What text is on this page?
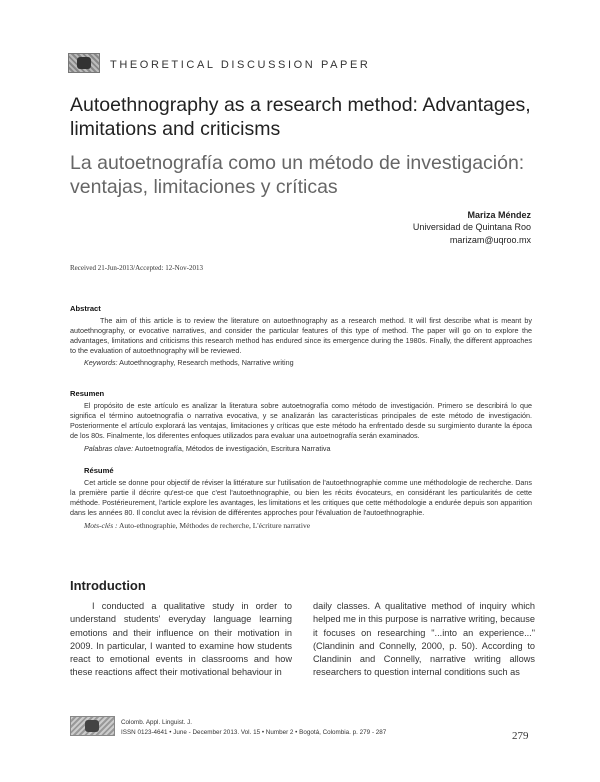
THEORETICAL DISCUSSION PAPER
Autoethnography as a research method: Advantages, limitations and criticisms
La autoetnografía como un método de investigación: ventajas, limitaciones y críticas
Mariza Méndez
Universidad de Quintana Roo
marizam@uqroo.mx
Received 21-Jun-2013/Accepted: 12-Nov-2013
Abstract
The aim of this article is to review the literature on autoethnography as a research method. It will first describe what is meant by autoethnography, or evocative narratives, and consider the particular features of this type of method. The paper will go on to explore the advantages, limitations and criticisms this research method has endured since its emergence during the 1980s. Finally, the different approaches to the evaluation of autoethnography will be reviewed.
Keywords: Autoethnography, Research methods, Narrative writing
Resumen
El propósito de este artículo es analizar la literatura sobre autoetnografía como método de investigación. Primero se describirá lo que significa el término autoetnografía o narrativa evocativa, y se analizarán las características principales de este método de investigación. Posteriormente el artículo explorará las ventajas, limitaciones y críticas que este método ha enfrentado desde su surgimiento durante la época de los 80s. Finalmente, los diferentes enfoques utilizados para evaluar una autoetnografía serán examinados.
Palabras clave: Autoetnografía, Métodos de investigación, Escritura Narrativa
Résumé
Cet article se donne pour objectif de réviser la littérature sur l'utilisation de l'autoethnographie comme une méthodologie de recherche. Dans la première partie il décrire qu'est-ce que c'est l'autoethnographie, ou bien les récits évocateurs, en considérant les particularités de cette méthode. Postérieurement, l'article explore les avantages, les limitations et les critiques que cette méthodologie a endurée depuis son apparition dans les années 80. Il conclut avec la révision de différentes approches pour l'évaluation de l'autoethnographie.
Mots-clés : Auto-ethnographie, Méthodes de recherche, L'écriture narrative
Introduction
I conducted a qualitative study in order to understand students' everyday language learning emotions and their influence on their motivation in 2009. In particular, I wanted to examine how students react to emotional events in classrooms and how these reactions affect their motivational behaviour in
daily classes. A qualitative method of inquiry which helped me in this purpose is narrative writing, because it focuses on researching "...into an experience..." (Clandinin and Connelly, 2000, p. 50). According to Clandinin and Connelly, narrative writing allows researchers to question internal conditions such as
Colomb. Appl. Linguist. J.
ISSN 0123-4641 • June - December 2013. Vol. 15 • Number 2 • Bogotá, Colombia. p. 279 - 287	279
